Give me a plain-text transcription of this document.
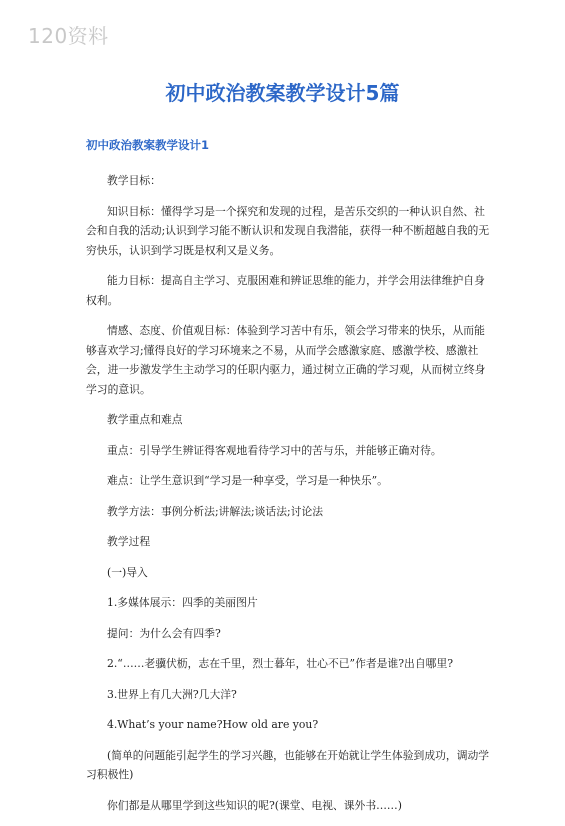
120资料
初中政治教案教学设计5篇
初中政治教案教学设计1

教学目标：

知识目标：懂得学习是一个探究和发现的过程，是苦乐交织的一种认识自然、社会和自我的活动;认识到学习能不断认识和发现自我潜能，获得一种不断超越自我的无穷快乐，认识到学习既是权利又是义务。

能力目标：提高自主学习、克服困难和辨证思维的能力，并学会用法律维护自身权利。

情感、态度、价值观目标：体验到学习苦中有乐，领会学习带来的快乐，从而能够喜欢学习;懂得良好的学习环境来之不易，从而学会感激家庭、感激学校、感激社会，进一步激发学生主动学习的任职内驱力，通过树立正确的学习观，从而树立终身学习的意识。

教学重点和难点

重点：引导学生辨证得客观地看待学习中的苦与乐，并能够正确对待。

难点：让学生意识到“学习是一种享受，学习是一种快乐”。

教学方法：事例分析法;讲解法;谈话法;讨论法

教学过程

(一)导入

1.多媒体展示：四季的美丽图片

提问：为什么会有四季?

2.“……老骥伏枥，志在千里，烈士暮年，壮心不已”作者是谁?出自哪里?

3.世界上有几大洲?几大洋?

4.What’s your name?How old are you?

(简单的问题能引起学生的学习兴趣，也能够在开始就让学生体验到成功，调动学习积极性)

你们都是从哪里学到这些知识的呢?(课堂、电视、课外书……)
